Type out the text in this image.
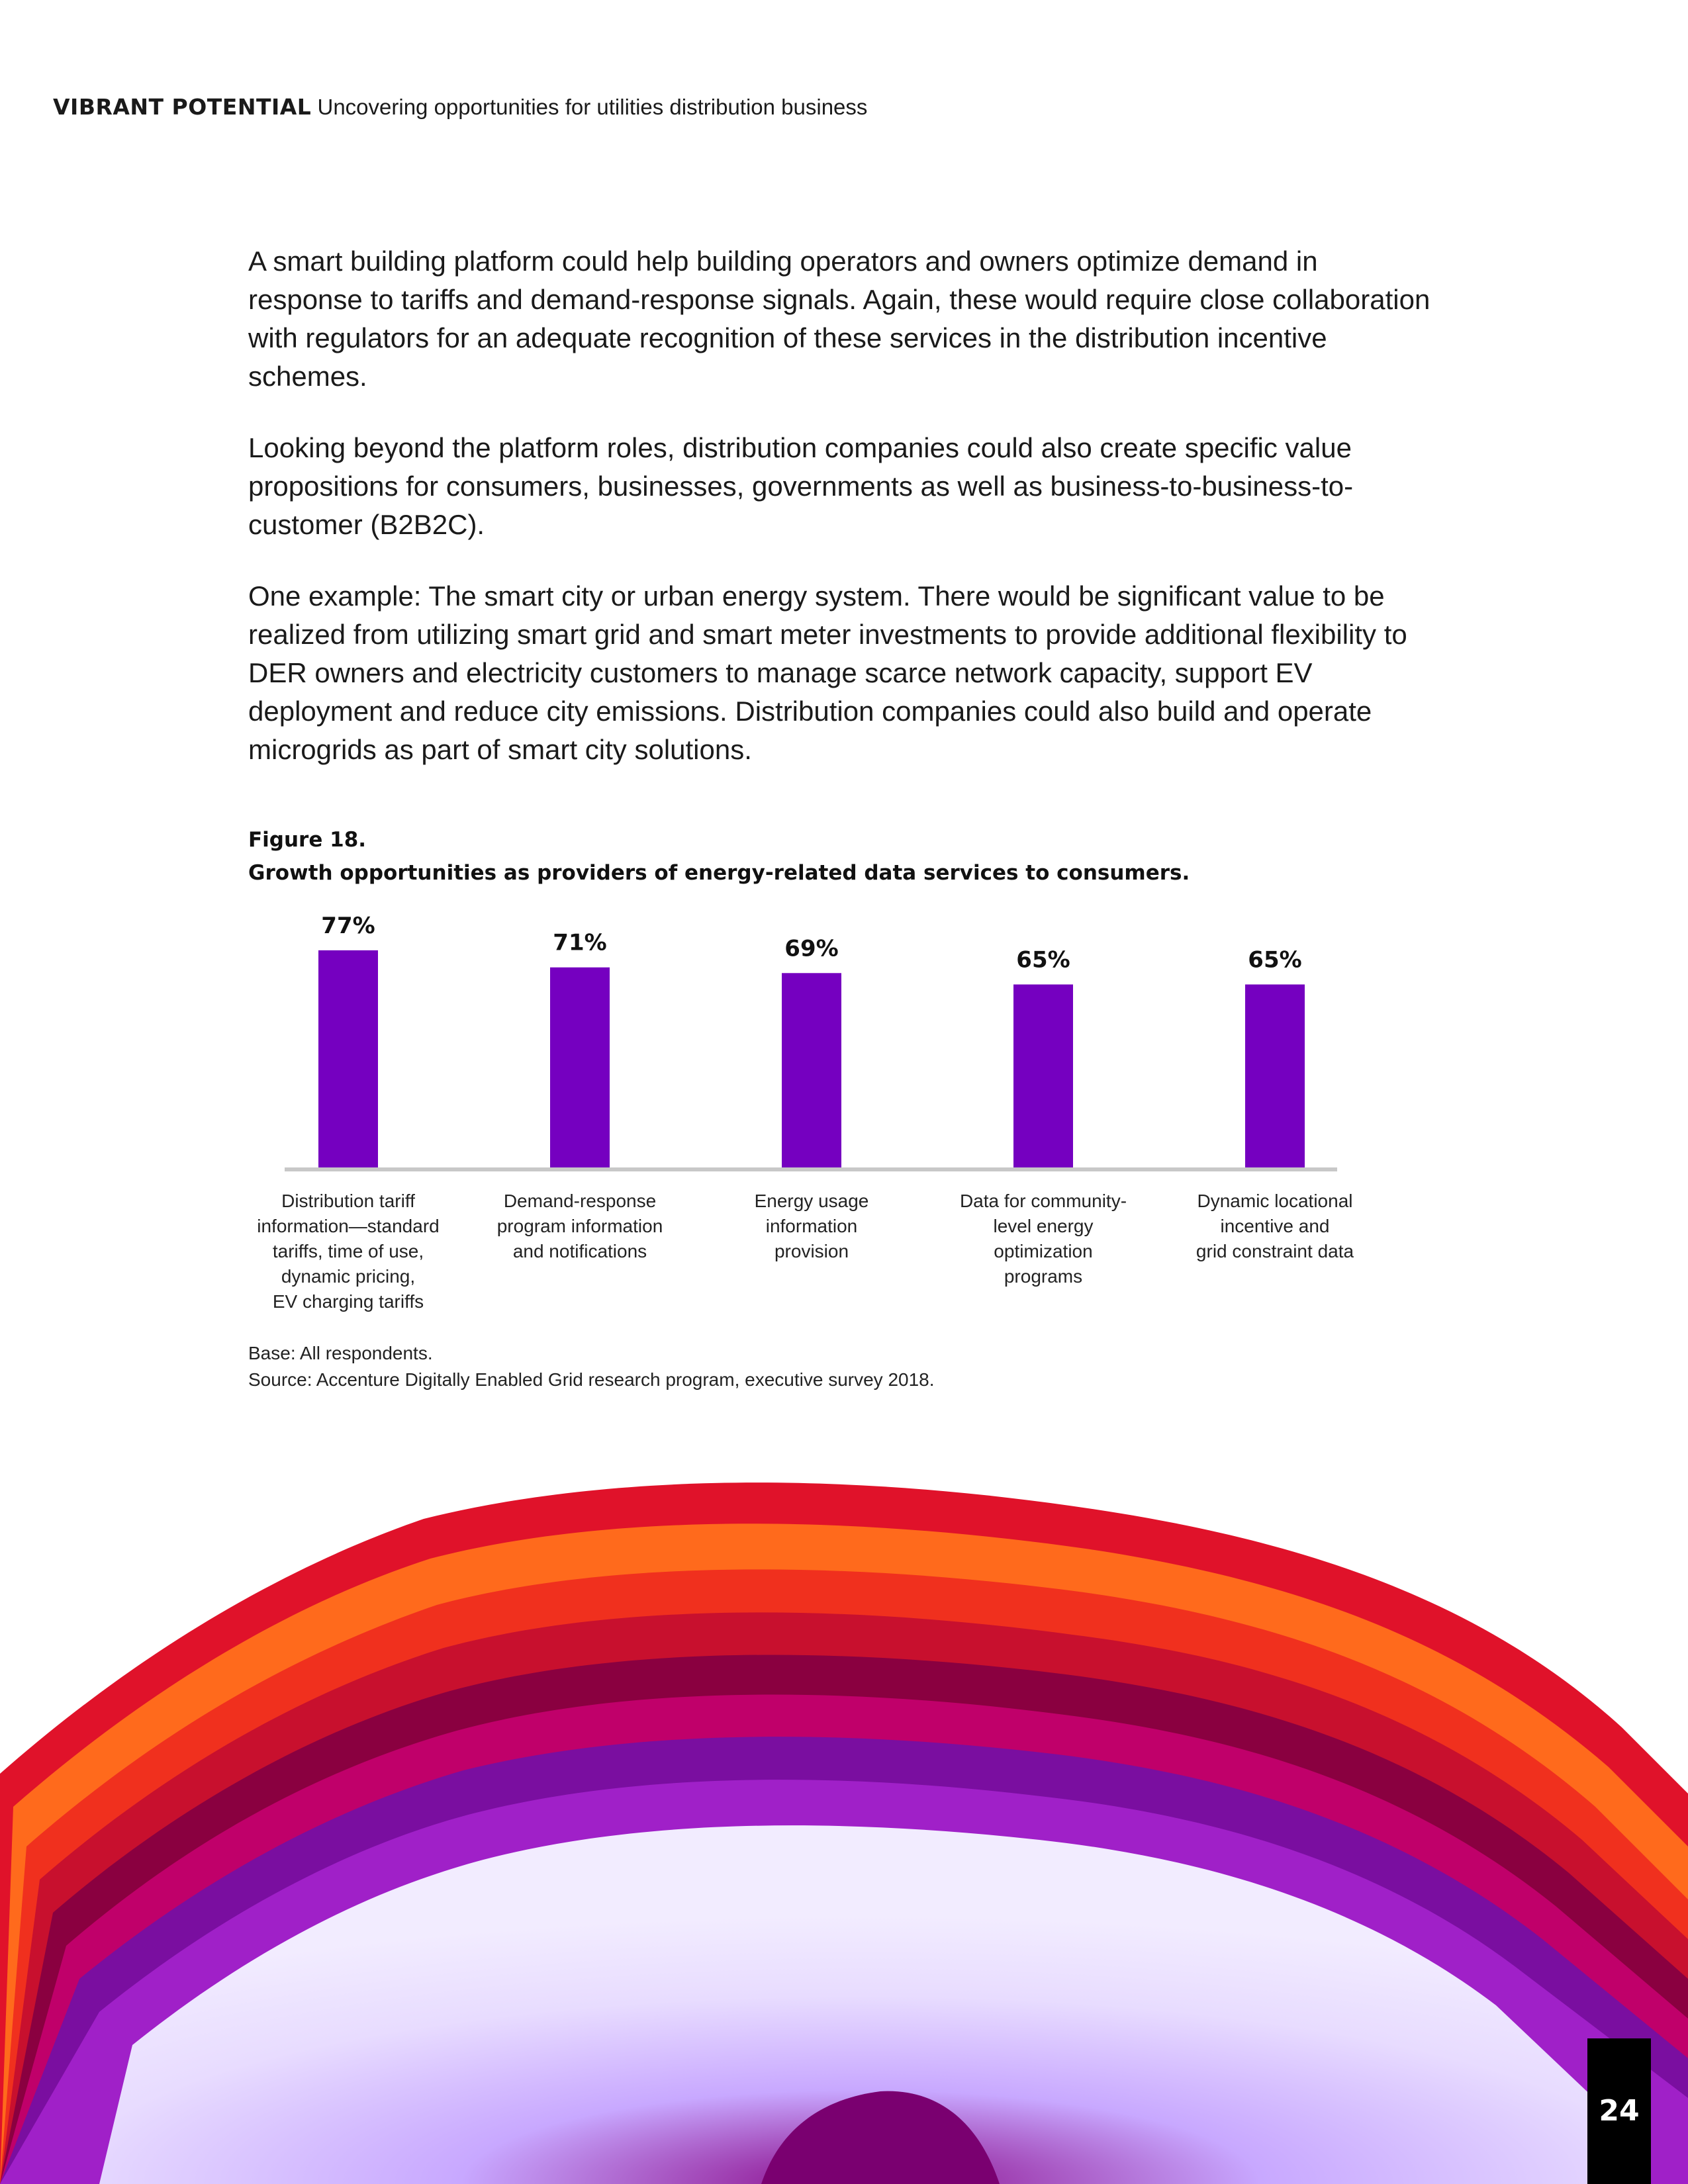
VIBRANT POTENTIAL Uncovering opportunities for utilities distribution business

A smart building platform could help building operators and owners optimize demand in response to tariffs and demand-response signals. Again, these would require close collaboration with regulators for an adequate recognition of these services in the distribution incentive schemes.

Looking beyond the platform roles, distribution companies could also create specific value propositions for consumers, businesses, governments as well as business-to-business-to-customer (B2B2C).

One example: The smart city or urban energy system. There would be significant value to be realized from utilizing smart grid and smart meter investments to provide additional flexibility to DER owners and electricity customers to manage scarce network capacity, support EV deployment and reduce city emissions. Distribution companies could also build and operate microgrids as part of smart city solutions.

Figure 18.
Growth opportunities as providers of energy-related data services to consumers.
77%
Distribution tariff
information—standard
tariffs, time of use,
dynamic pricing,
EV charging tariffs
71%
Demand-response
program information
and notifications
69%
Energy usage
information
provision
65%
Data for community-
level energy
optimization
programs
65%
Dynamic locational
incentive and
grid constraint data
Base: All respondents.
Source: Accenture Digitally Enabled Grid research program, executive survey 2018.
24
